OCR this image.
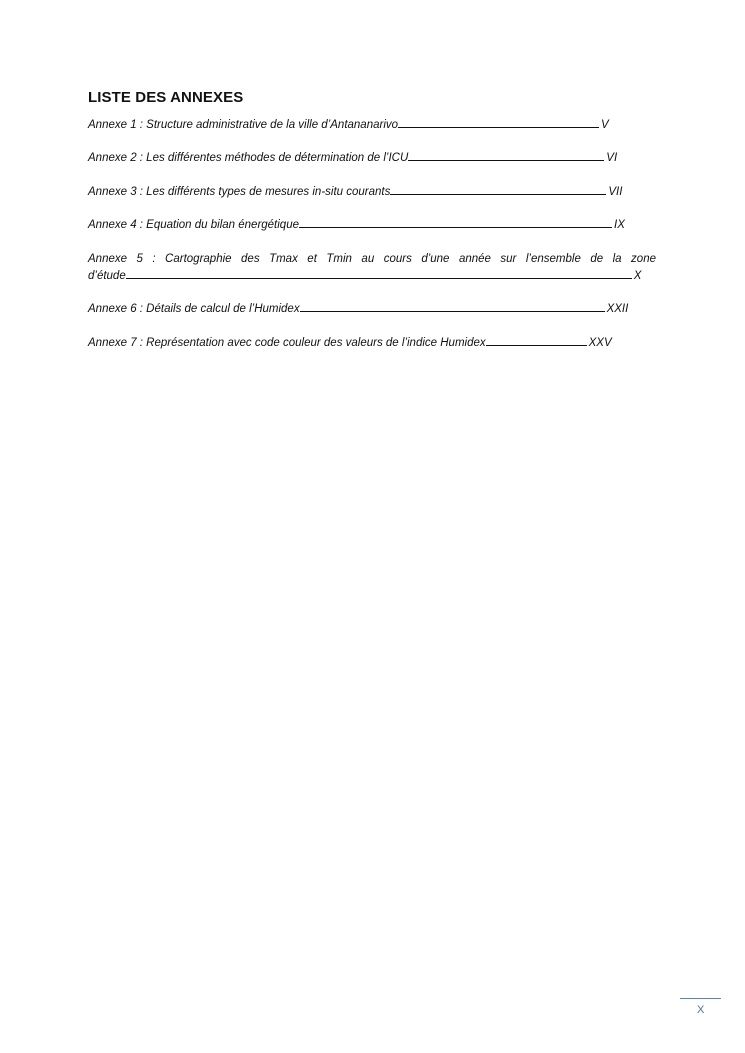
LISTE DES ANNEXES
Annexe 1 : Structure administrative de la ville d’Antananarivo	V
Annexe 2 : Les différentes méthodes de détermination de l’ICU	VI
Annexe 3 : Les différents types de mesures in-situ courants	VII
Annexe 4 : Equation du bilan énergétique	IX
Annexe 5 : Cartographie des Tmax et Tmin au cours d’une année sur l’ensemble de la zone
d’étude	X
Annexe 6 : Détails de calcul de l’Humidex	XXII
Annexe 7 : Représentation avec code couleur des valeurs de l’indice Humidex	XXV
X
